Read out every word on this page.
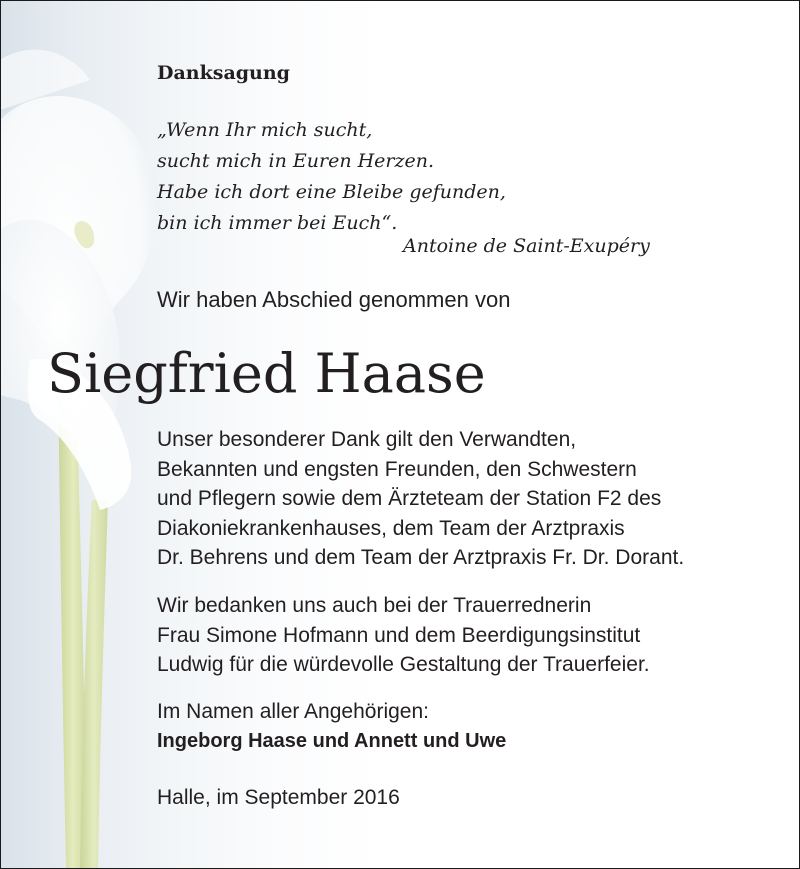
Danksagung
„Wenn Ihr mich sucht,
sucht mich in Euren Herzen.
Habe ich dort eine Bleibe gefunden,
bin ich immer bei Euch“.
Antoine de Saint-Exupéry
Wir haben Abschied genommen von
Siegfried Haase
Unser besonderer Dank gilt den Verwandten,
Bekannten und engsten Freunden, den Schwestern
und Pflegern sowie dem Ärzteteam der Station F2 des
Diakoniekrankenhauses, dem Team der Arztpraxis
Dr. Behrens und dem Team der Arztpraxis Fr. Dr. Dorant.
Wir bedanken uns auch bei der Trauerrednerin
Frau Simone Hofmann und dem Beerdigungsinstitut
Ludwig für die würdevolle Gestaltung der Trauerfeier.
Im Namen aller Angehörigen:
Ingeborg Haase und Annett und Uwe
Halle, im September 2016
